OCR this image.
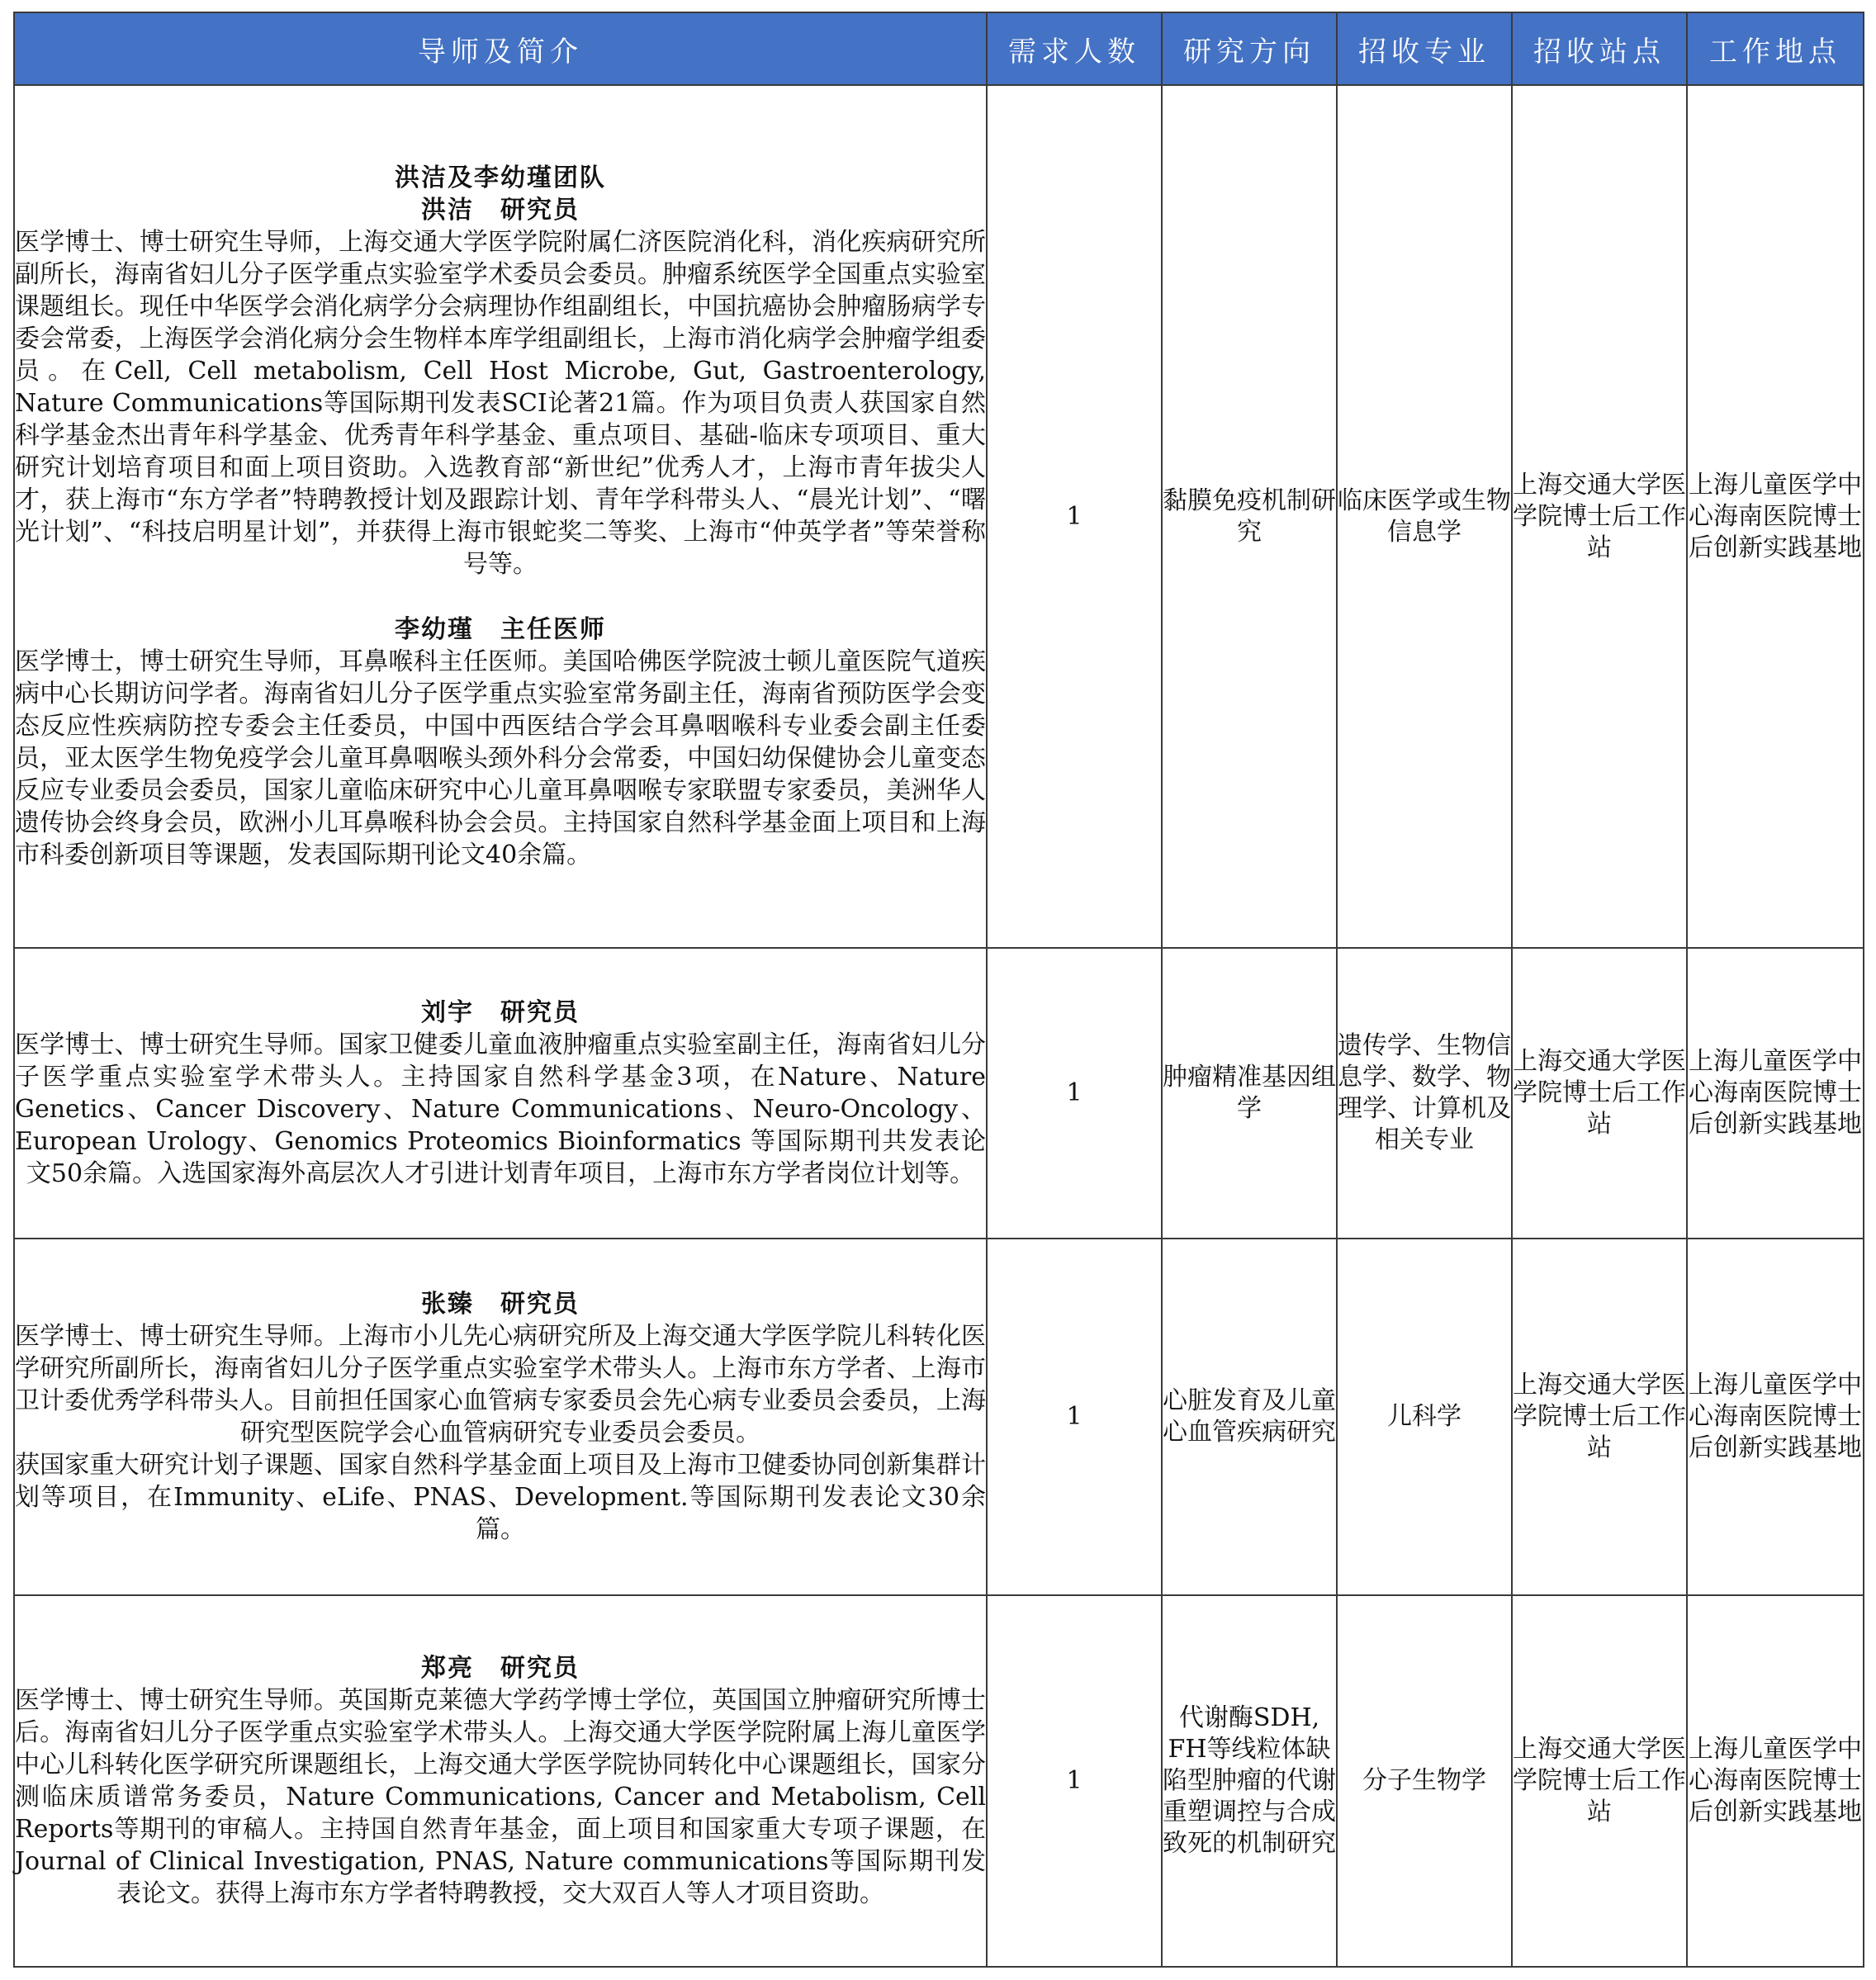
导师及简介	需求人数	研究方向	招收专业	招收站点	工作地点

洪洁及李幼瑾团队

洪洁　研究员

医学博士、博士研究生导师，上海交通大学医学院附属仁济医院消化科，消化疾病研究所副所长，海南省妇儿分子医学重点实验室学术委员会委员。肿瘤系统医学全国重点实验室课题组长。现任中华医学会消化病学分会病理协作组副组长，中国抗癌协会肿瘤肠病学专委会常委，上海医学会消化病分会生物样本库学组副组长，上海市消化病学会肿瘤学组委员。在Cell, Cell metabolism, Cell Host Microbe, Gut, Gastroenterology, Nature Communications等国际期刊发表SCI论著21篇。作为项目负责人获国家自然科学基金杰出青年科学基金、优秀青年科学基金、重点项目、基础-临床专项项目、重大研究计划培育项目和面上项目资助。入选教育部“新世纪”优秀人才，上海市青年拔尖人才，获上海市“东方学者”特聘教授计划及跟踪计划、青年学科带头人、“晨光计划”、“曙光计划”、“科技启明星计划”，并获得上海市银蛇奖二等奖、上海市“仲英学者”等荣誉称号等。

李幼瑾　主任医师

医学博士，博士研究生导师，耳鼻喉科主任医师。美国哈佛医学院波士顿儿童医院气道疾病中心长期访问学者。海南省妇儿分子医学重点实验室常务副主任，海南省预防医学会变态反应性疾病防控专委会主任委员，中国中西医结合学会耳鼻咽喉科专业委会副主任委员，亚太医学生物免疫学会儿童耳鼻咽喉头颈外科分会常委，中国妇幼保健协会儿童变态反应专业委员会委员，国家儿童临床研究中心儿童耳鼻咽喉专家联盟专家委员，美洲华人遗传协会终身会员，欧洲小儿耳鼻喉科协会会员。主持国家自然科学基金面上项目和上海市科委创新项目等课题，发表国际期刊论文40余篇。	1	黏膜免疫机制研究	临床医学或生物信息学	上海交通大学医学院博士后工作站	上海儿童医学中心海南医院博士后创新实践基地

刘宇　研究员

医学博士、博士研究生导师。国家卫健委儿童血液肿瘤重点实验室副主任，海南省妇儿分子医学重点实验室学术带头人。主持国家自然科学基金3项，在Nature、Nature Genetics、Cancer Discovery、Nature Communications、Neuro-Oncology、European Urology、Genomics Proteomics Bioinformatics 等国际期刊共发表论文50余篇。入选国家海外高层次人才引进计划青年项目，上海市东方学者岗位计划等。	1	肿瘤精准基因组学	遗传学、生物信息学、数学、物理学、计算机及相关专业	上海交通大学医学院博士后工作站	上海儿童医学中心海南医院博士后创新实践基地

张臻　研究员

医学博士、博士研究生导师。上海市小儿先心病研究所及上海交通大学医学院儿科转化医学研究所副所长，海南省妇儿分子医学重点实验室学术带头人。上海市东方学者、上海市卫计委优秀学科带头人。目前担任国家心血管病专家委员会先心病专业委员会委员，上海研究型医院学会心血管病研究专业委员会委员。

获国家重大研究计划子课题、国家自然科学基金面上项目及上海市卫健委协同创新集群计划等项目，在Immunity、eLife、PNAS、Development.等国际期刊发表论文30余篇。	1	心脏发育及儿童心血管疾病研究	儿科学	上海交通大学医学院博士后工作站	上海儿童医学中心海南医院博士后创新实践基地

郑亮　研究员

医学博士、博士研究生导师。英国斯克莱德大学药学博士学位，英国国立肿瘤研究所博士后。海南省妇儿分子医学重点实验室学术带头人。上海交通大学医学院附属上海儿童医学中心儿科转化医学研究所课题组长，上海交通大学医学院协同转化中心课题组长，国家分测临床质谱常务委员，Nature Communications, Cancer and Metabolism, Cell Reports等期刊的审稿人。主持国自然青年基金，面上项目和国家重大专项子课题，在Journal of Clinical Investigation, PNAS, Nature communications等国际期刊发表论文。获得上海市东方学者特聘教授，交大双百人等人才项目资助。	1	代谢酶SDH, FH等线粒体缺陷型肿瘤的代谢重塑调控与合成致死的机制研究	分子生物学	上海交通大学医学院博士后工作站	上海儿童医学中心海南医院博士后创新实践基地
